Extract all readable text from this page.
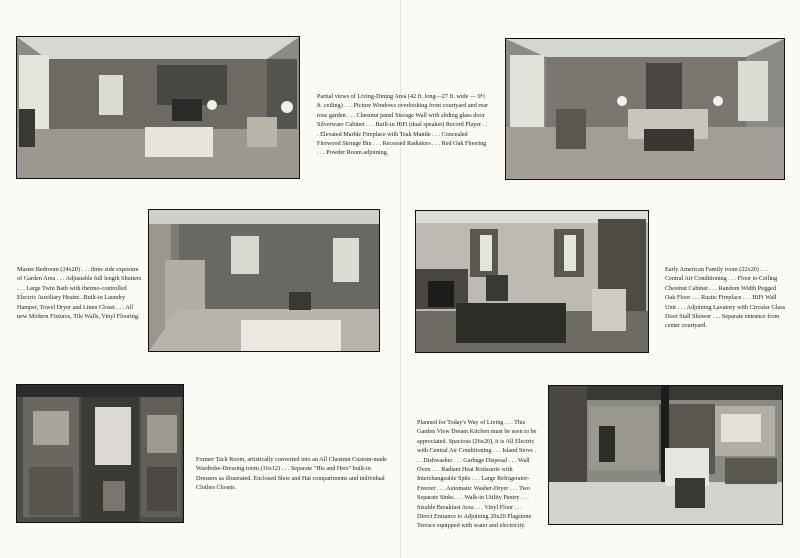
Partial views of Living-Dining Area (42 ft. long—27 ft. wide — 9½ ft. ceiling) . . . Picture Windows overlooking front courtyard and rear rose garden . . . Chestnut panel Storage Wall with sliding glass door Silverware Cabinet . . . Built-in HiFi (dual speaker) Record Player . . . Elevated Marble Fireplace with Teak Mantle . . . Concealed Firewood Storage Bin . . . Recessed Radiators . . . Red Oak Flooring . . . Powder Room adjoining.

Master Bedroom (24x20) . . . three side exposure of Garden Area . . . Adjustable full length Shutters . . . Large Twin Bath with thermo-controlled Electric Auxiliary Heater...Built-in Laundry Hamper, Towel Dryer and Linen Closet . . . All new Modern Fixtures, Tile Walls, Vinyl Flooring.

Early American Family room (22x20) . . . Central Air Conditioning . . . Floor to Ceiling Chestnut Cabinet . . . Random Width Pegged Oak Floor . . . Rustic Fireplace . . . HiFi Wall Unit . . . Adjoining Lavatory with Circular Glass Door Stall Shower . . . Separate entrance from center courtyard.

Former Tack Room, artistically converted into an All Chestnut Custom-made Wardrobe-Dressing room (16x12) . . . Separate "His and Hers" built-in Dressers as illustrated. Enclosed Shoe and Hat compartments and individual Clothes Closets.

Planned for Today's Way of Living . . . This Garden View Dream Kitchen must be seen to be appreciated. Spacious (26x20), it is All Electric with Central Air Conditioning . . . Island Stove . . . Dishwasher . . . Garbage Disposal . . . Wall Oven . . . Radiant Heat Rotisserie with Interchangeable Spits . . . Large Refrigerator-Freezer . . . Automatic Washer-Dryer . . . Two Separate Sinks . . . Walk-in Utility Pantry . . . Sizable Breakfast Area . . . Vinyl Floor . . . Direct Entrance to Adjoining 20x20 Flagstone Terrace equipped with water and electricity.
